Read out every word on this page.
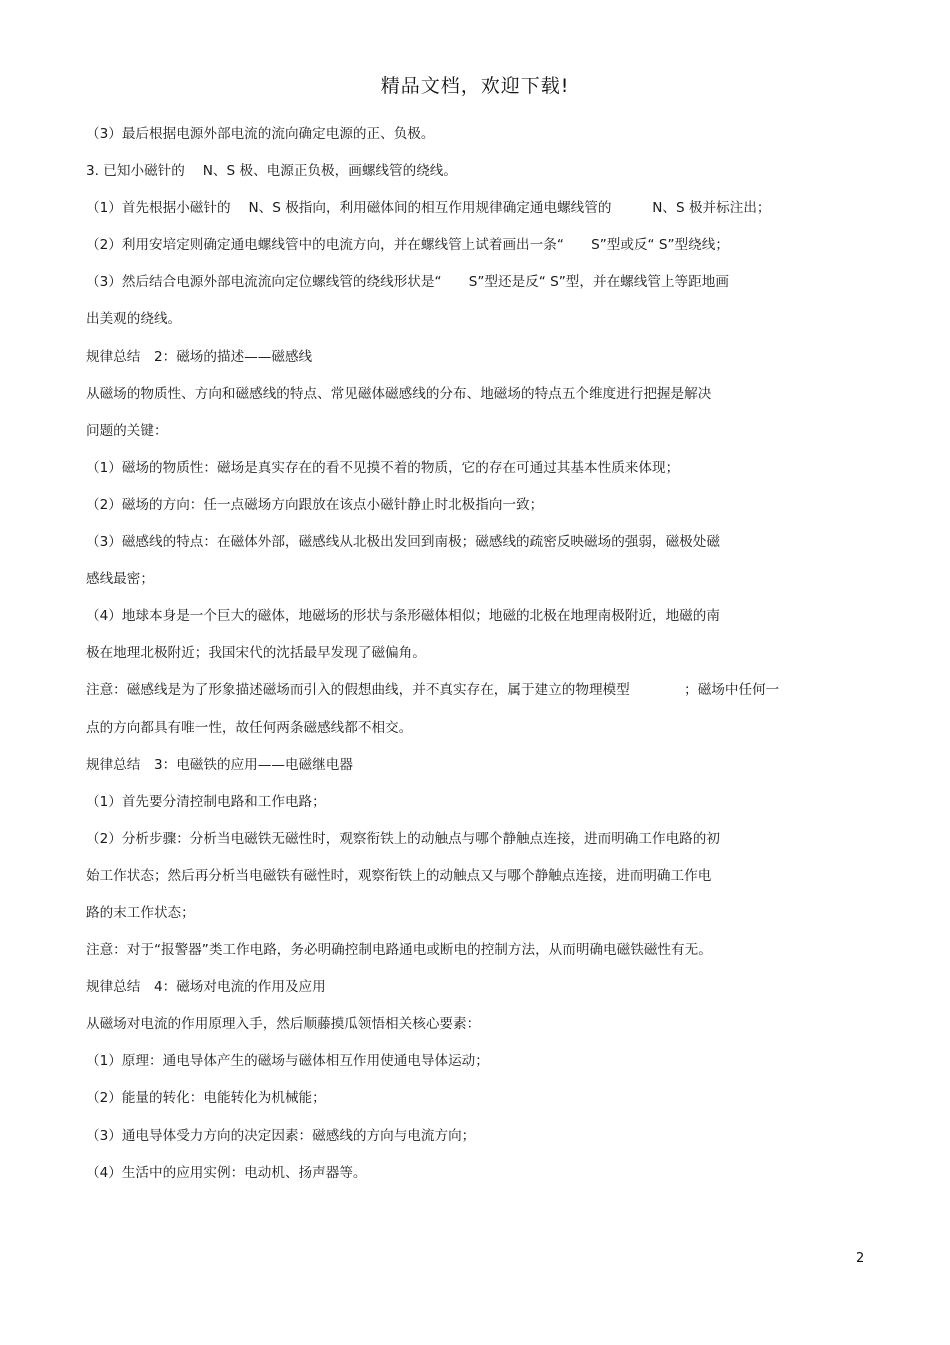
精品文档，欢迎下载!
（3）最后根据电源外部电流的流向确定电源的正、负极。
3. 已知小磁针的　 N、S 极、电源正负极，画螺线管的绕线。
（1）首先根据小磁针的　 N、S 极指向，利用磁体间的相互作用规律确定通电螺线管的　　　N、S 极并标注出；
（2）利用安培定则确定通电螺线管中的电流方向，并在螺线管上试着画出一条“　　S”型或反“ S”型绕线；
（3）然后结合电源外部电流流向定位螺线管的绕线形状是“　　S”型还是反“ S”型，并在螺线管上等距地画
出美观的绕线。
规律总结　2：磁场的描述——磁感线
从磁场的物质性、方向和磁感线的特点、常见磁体磁感线的分布、地磁场的特点五个维度进行把握是解决
问题的关键：
（1）磁场的物质性：磁场是真实存在的看不见摸不着的物质，它的存在可通过其基本性质来体现；
（2）磁场的方向：任一点磁场方向跟放在该点小磁针静止时北极指向一致；
（3）磁感线的特点：在磁体外部，磁感线从北极出发回到南极；磁感线的疏密反映磁场的强弱，磁极处磁
感线最密；
（4）地球本身是一个巨大的磁体，地磁场的形状与条形磁体相似；地磁的北极在地理南极附近，地磁的南
极在地理北极附近；我国宋代的沈括最早发现了磁偏角。
注意：磁感线是为了形象描述磁场而引入的假想曲线，并不真实存在，属于建立的物理模型　　　　；磁场中任何一
点的方向都具有唯一性，故任何两条磁感线都不相交。
规律总结　3：电磁铁的应用——电磁继电器
（1）首先要分清控制电路和工作电路；
（2）分析步骤：分析当电磁铁无磁性时，观察衔铁上的动触点与哪个静触点连接，进而明确工作电路的初
始工作状态；然后再分析当电磁铁有磁性时，观察衔铁上的动触点又与哪个静触点连接，进而明确工作电
路的末工作状态；
注意：对于“报警器”类工作电路，务必明确控制电路通电或断电的控制方法，从而明确电磁铁磁性有无。
规律总结　4：磁场对电流的作用及应用
从磁场对电流的作用原理入手，然后顺藤摸瓜领悟相关核心要素：
（1）原理：通电导体产生的磁场与磁体相互作用使通电导体运动；
（2）能量的转化：电能转化为机械能；
（3）通电导体受力方向的决定因素：磁感线的方向与电流方向；
（4）生活中的应用实例：电动机、扬声器等。
2
